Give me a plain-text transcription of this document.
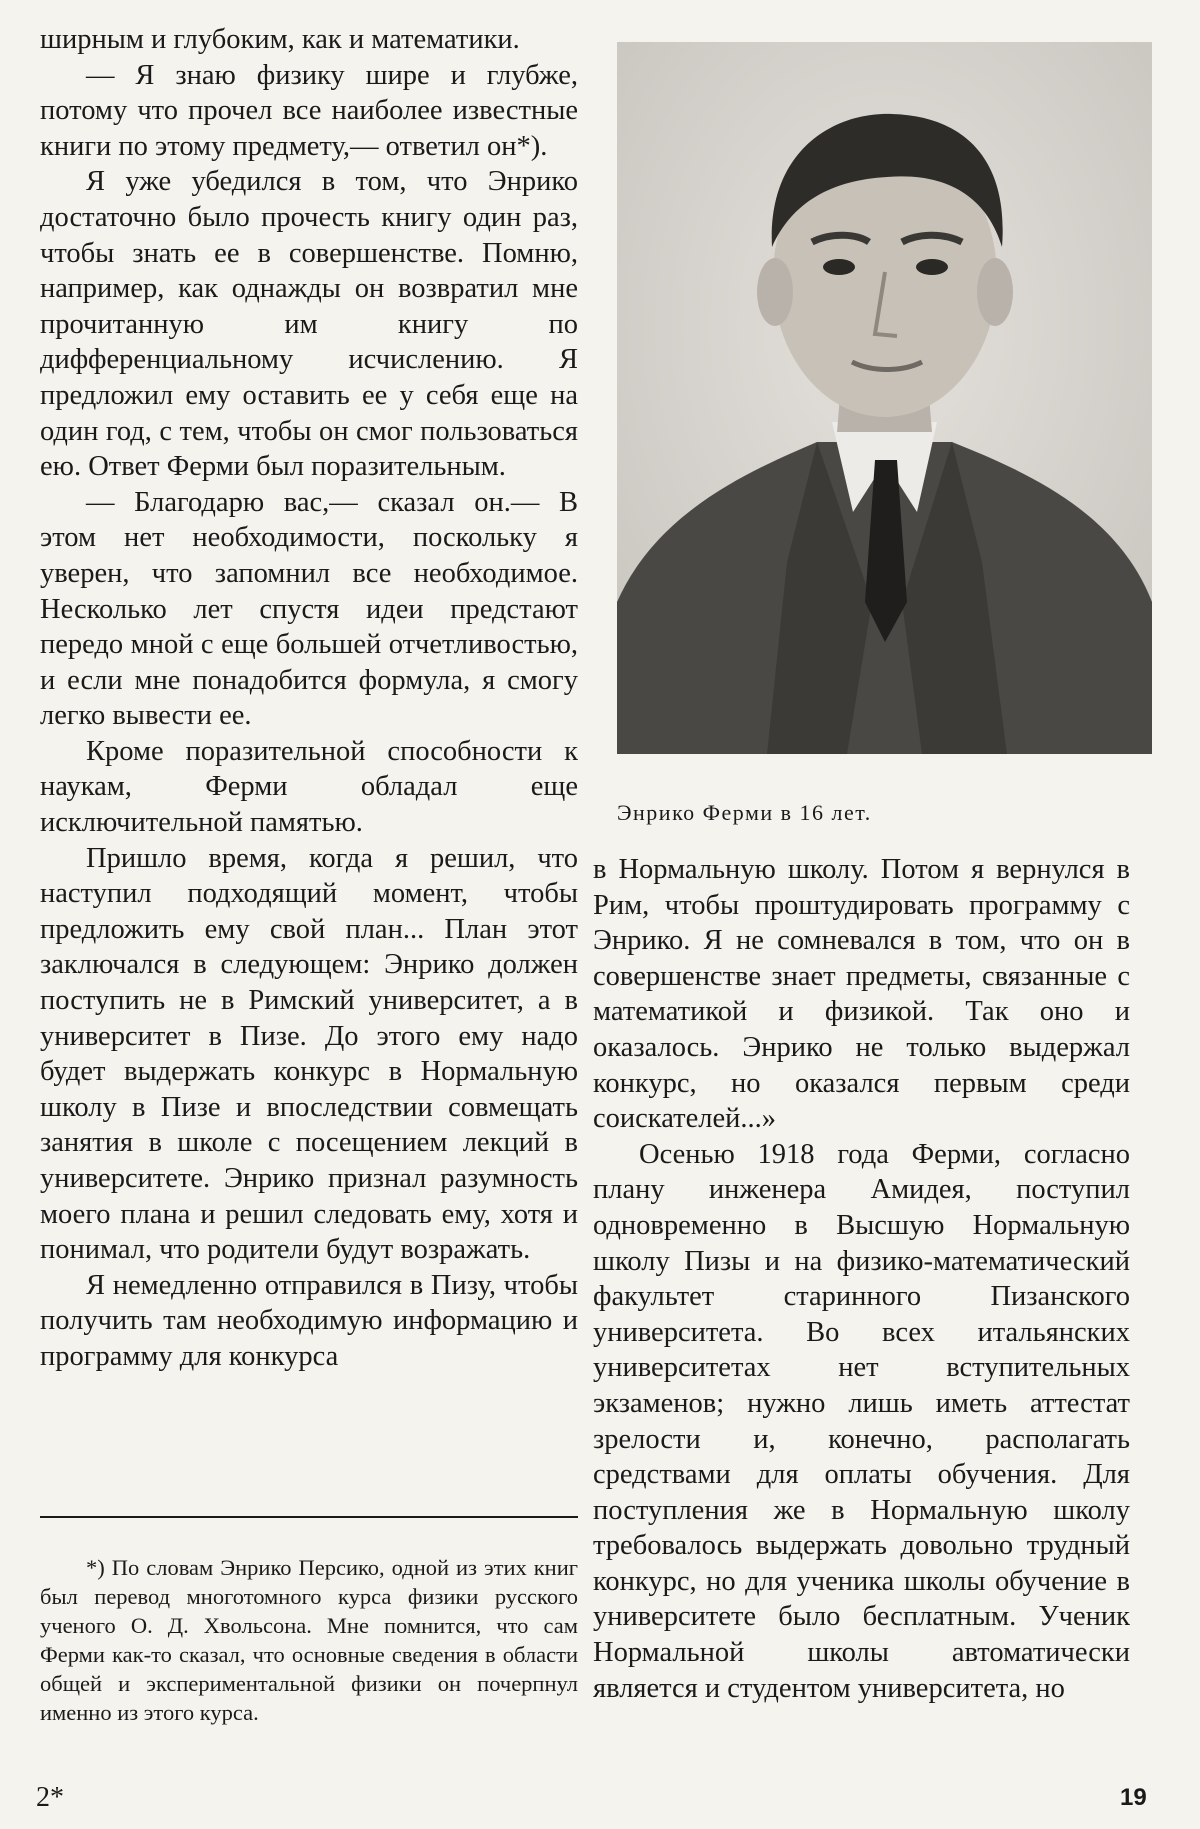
ширным и глубоким, как и математики.

— Я знаю физику шире и глубже, потому что прочел все наиболее известные книги по этому предмету,— ответил он*).

Я уже убедился в том, что Энрико достаточно было прочесть книгу один раз, чтобы знать ее в совершенстве. Помню, например, как однажды он возвратил мне прочитанную им книгу по дифференциальному исчислению. Я предложил ему оставить ее у себя еще на один год, с тем, чтобы он смог пользоваться ею. Ответ Ферми был поразительным.

— Благодарю вас,— сказал он.— В этом нет необходимости, поскольку я уверен, что запомнил все необходимое. Несколько лет спустя идеи предстают передо мной с еще большей отчетливостью, и если мне понадобится формула, я смогу легко вывести ее.

Кроме поразительной способности к наукам, Ферми обладал еще исключительной памятью.

Пришло время, когда я решил, что наступил подходящий момент, чтобы предложить ему свой план... План этот заключался в следующем: Энрико должен поступить не в Римский университет, а в университет в Пизе. До этого ему надо будет выдержать конкурс в Нормальную школу в Пизе и впоследствии совмещать занятия в школе с посещением лекций в университете. Энрико признал разумность моего плана и решил следовать ему, хотя и понимал, что родители будут возражать.

Я немедленно отправился в Пизу, чтобы получить там необходимую информацию и программу для конкурса

Энрико Ферми в 16 лет.

в Нормальную школу. Потом я вернулся в Рим, чтобы проштудировать программу с Энрико. Я не сомневался в том, что он в совершенстве знает предметы, связанные с математикой и физикой. Так оно и оказалось. Энрико не только выдержал конкурс, но оказался первым среди соискателей...»

Осенью 1918 года Ферми, согласно плану инженера Амидея, поступил одновременно в Высшую Нормальную школу Пизы и на физико-математический факультет старинного Пизанского университета. Во всех итальянских университетах нет вступительных экзаменов; нужно лишь иметь аттестат зрелости и, конечно, располагать средствами для оплаты обучения. Для поступления же в Нормальную школу требовалось выдержать довольно трудный конкурс, но для ученика школы обучение в университете было бесплатным. Ученик Нормальной школы автоматически является и студентом университета, но

*) По словам Энрико Персико, одной из этих книг был перевод многотомного курса физики русского ученого О. Д. Хвольсона. Мне помнится, что сам Ферми как-то сказал, что основные сведения в области общей и экспериментальной физики он почерпнул именно из этого курса.

2*	19
